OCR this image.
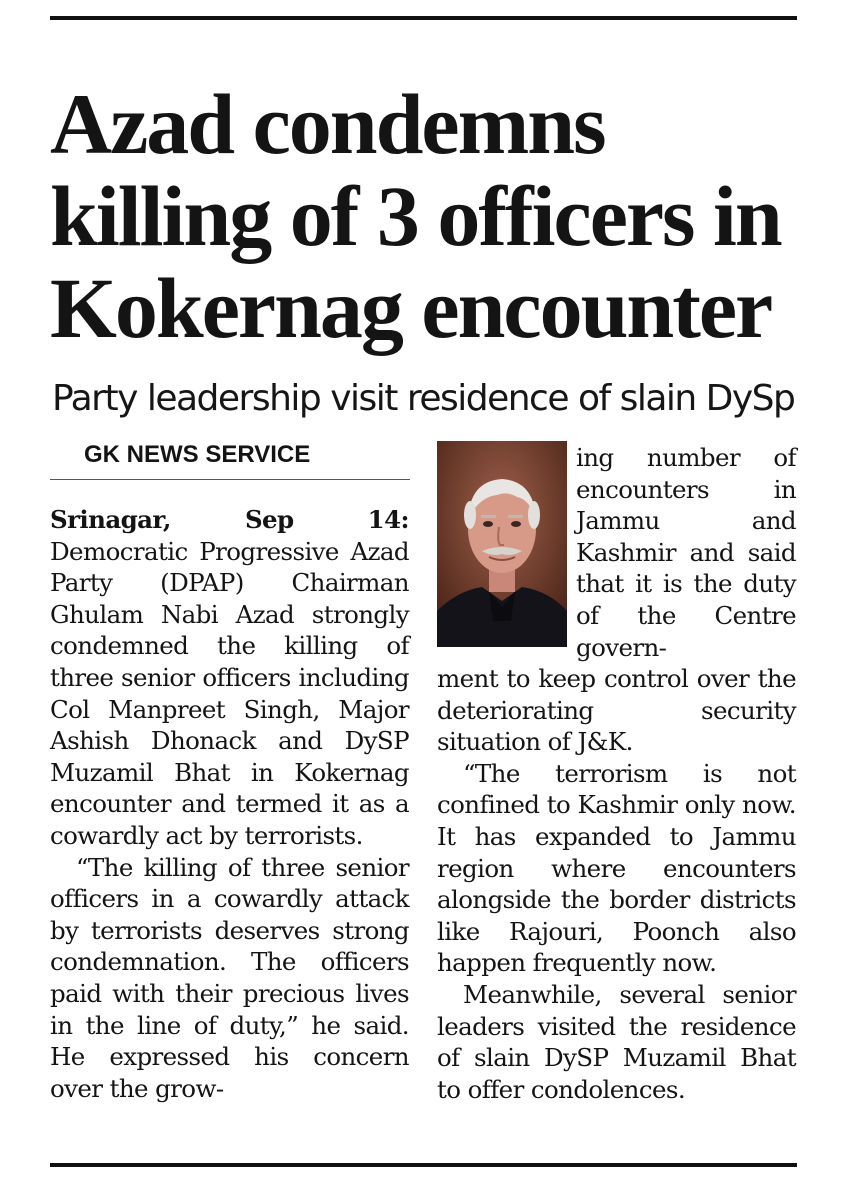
Azad condemns
killing of 3 officers in
Kokernag encounter
Party leadership visit residence of slain DySp
GK NEWS SERVICE

Srinagar, Sep 14: Democratic Progressive Azad Party (DPAP) Chairman Ghulam Nabi Azad strongly condemned the killing of three senior officers including Col Manpreet Singh, Major Ashish Dhonack and DySP Muzamil Bhat in Kokernag encounter and termed it as a cowardly act by terrorists.

“The killing of three senior officers in a cowardly attack by terrorists deserves strong condemnation. The officers paid with their precious lives in the line of duty,” he said. He expressed his concern over the grow-

ing number of encounters in Jammu and Kashmir and said that it is the duty of the Centre govern-

ment to keep control over the deteriorating security situation of J&K.

“The terrorism is not confined to Kashmir only now. It has expanded to Jammu region where encounters alongside the border districts like Rajouri, Poonch also happen frequently now.

Meanwhile, several senior leaders visited the residence of slain DySP Muzamil Bhat to offer condolences.
